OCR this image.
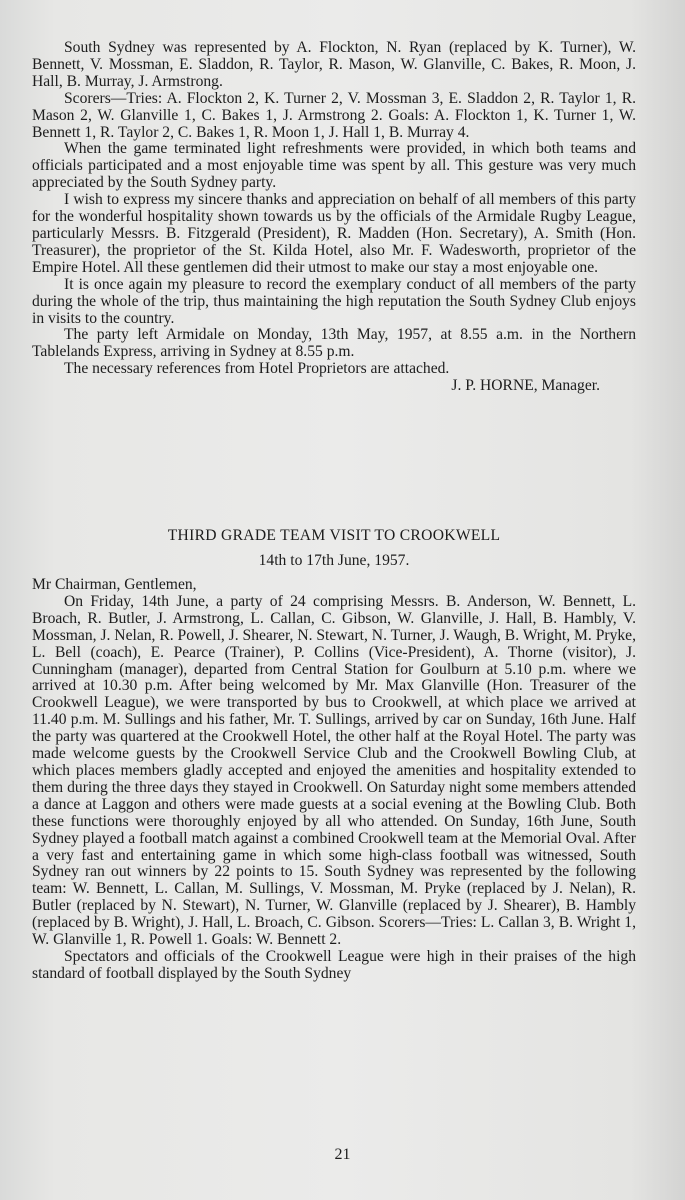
South Sydney was represented by A. Flockton, N. Ryan (replaced by K. Turner), W. Bennett, V. Mossman, E. Sladdon, R. Taylor, R. Mason, W. Glanville, C. Bakes, R. Moon, J. Hall, B. Murray, J. Armstrong.

Scorers—Tries: A. Flockton 2, K. Turner 2, V. Mossman 3, E. Sladdon 2, R. Taylor 1, R. Mason 2, W. Glanville 1, C. Bakes 1, J. Armstrong 2. Goals: A. Flockton 1, K. Turner 1, W. Bennett 1, R. Taylor 2, C. Bakes 1, R. Moon 1, J. Hall 1, B. Murray 4.

When the game terminated light refreshments were provided, in which both teams and officials participated and a most enjoyable time was spent by all. This gesture was very much appreciated by the South Sydney party.

I wish to express my sincere thanks and appreciation on behalf of all members of this party for the wonderful hospitality shown towards us by the officials of the Armidale Rugby League, particularly Messrs. B. Fitzgerald (President), R. Madden (Hon. Secretary), A. Smith (Hon. Treasurer), the proprietor of the St. Kilda Hotel, also Mr. F. Wadesworth, proprietor of the Empire Hotel. All these gentlemen did their utmost to make our stay a most enjoyable one.

It is once again my pleasure to record the exemplary conduct of all members of the party during the whole of the trip, thus maintaining the high reputation the South Sydney Club enjoys in visits to the country.

The party left Armidale on Monday, 13th May, 1957, at 8.55 a.m. in the Northern Tablelands Express, arriving in Sydney at 8.55 p.m.

The necessary references from Hotel Proprietors are attached.

J. P. HORNE, Manager.

THIRD GRADE TEAM VISIT TO CROOKWELL

14th to 17th June, 1957.

Mr Chairman, Gentlemen,

On Friday, 14th June, a party of 24 comprising Messrs. B. Anderson, W. Bennett, L. Broach, R. Butler, J. Armstrong, L. Callan, C. Gibson, W. Glanville, J. Hall, B. Hambly, V. Mossman, J. Nelan, R. Powell, J. Shearer, N. Stewart, N. Turner, J. Waugh, B. Wright, M. Pryke, L. Bell (coach), E. Pearce (Trainer), P. Collins (Vice-President), A. Thorne (visitor), J. Cunningham (manager), departed from Central Station for Goulburn at 5.10 p.m. where we arrived at 10.30 p.m. After being welcomed by Mr. Max Glanville (Hon. Treasurer of the Crookwell League), we were transported by bus to Crookwell, at which place we arrived at 11.40 p.m. M. Sullings and his father, Mr. T. Sullings, arrived by car on Sunday, 16th June. Half the party was quartered at the Crookwell Hotel, the other half at the Royal Hotel. The party was made welcome guests by the Crookwell Service Club and the Crookwell Bowling Club, at which places members gladly accepted and enjoyed the amenities and hospitality extended to them during the three days they stayed in Crookwell. On Saturday night some members attended a dance at Laggon and others were made guests at a social evening at the Bowling Club. Both these functions were thoroughly enjoyed by all who attended. On Sunday, 16th June, South Sydney played a football match against a combined Crookwell team at the Memorial Oval. After a very fast and entertaining game in which some high-class football was witnessed, South Sydney ran out winners by 22 points to 15. South Sydney was represented by the following team: W. Bennett, L. Callan, M. Sullings, V. Mossman, M. Pryke (replaced by J. Nelan), R. Butler (replaced by N. Stewart), N. Turner, W. Glanville (replaced by J. Shearer), B. Hambly (replaced by B. Wright), J. Hall, L. Broach, C. Gibson. Scorers—Tries: L. Callan 3, B. Wright 1, W. Glanville 1, R. Powell 1. Goals: W. Bennett 2.

Spectators and officials of the Crookwell League were high in their praises of the high standard of football displayed by the South Sydney

21
